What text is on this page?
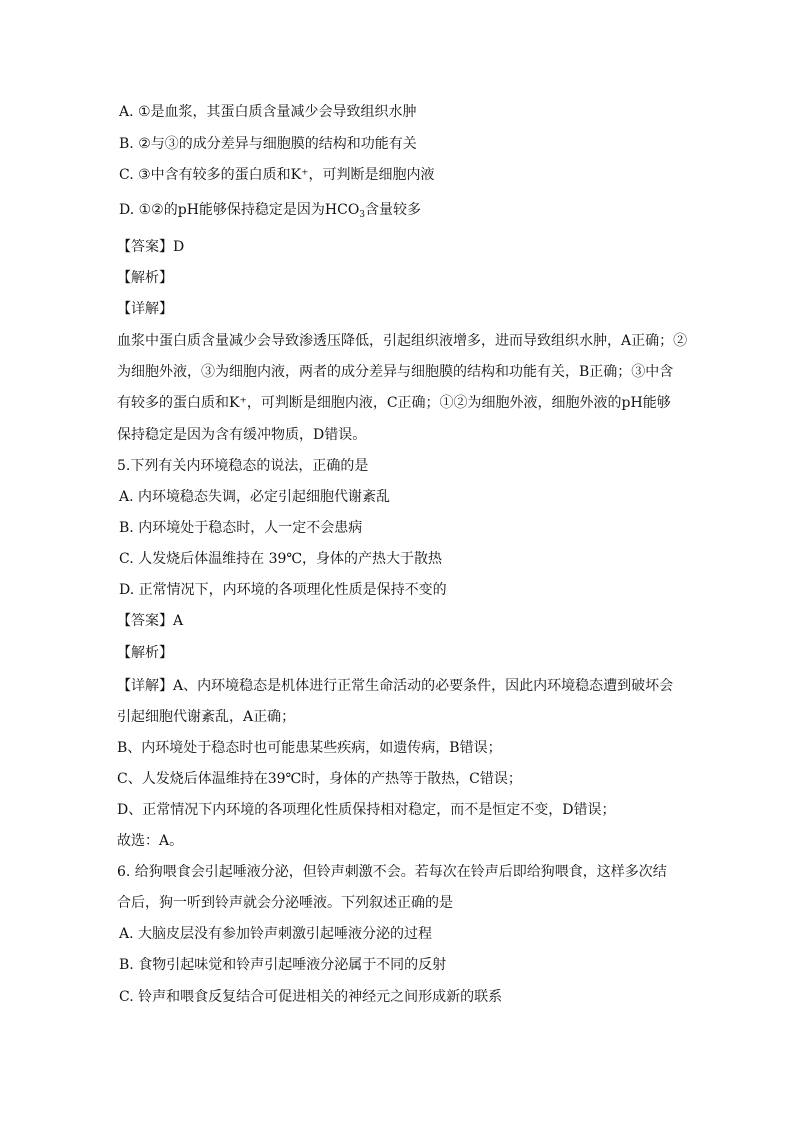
A. ①是血浆，其蛋白质含量减少会导致组织水肿
B. ②与③的成分差异与细胞膜的结构和功能有关
C. ③中含有较多的蛋白质和K⁺，可判断是细胞内液
D. ①②的pH能够保持稳定是因为$HCO_3$含量较多
【答案】D
【解析】
【详解】
血浆中蛋白质含量减少会导致渗透压降低，引起组织液增多，进而导致组织水肿，A正确；②
为细胞外液，③为细胞内液，两者的成分差异与细胞膜的结构和功能有关，B正确；③中含
有较多的蛋白质和K⁺，可判断是细胞内液，C正确；①②为细胞外液，细胞外液的pH能够
保持稳定是因为含有缓冲物质，D错误。
5.下列有关内环境稳态的说法，正确的是
A. 内环境稳态失调，必定引起细胞代谢紊乱
B. 内环境处于稳态时，人一定不会患病
C. 人发烧后体温维持在 39℃，身体的产热大于散热
D. 正常情况下，内环境的各项理化性质是保持不变的
【答案】A
【解析】
【详解】A、内环境稳态是机体进行正常生命活动的必要条件，因此内环境稳态遭到破坏会
引起细胞代谢紊乱，A正确；
B、内环境处于稳态时也可能患某些疾病，如遗传病，B错误；
C、人发烧后体温维持在39℃时，身体的产热等于散热，C错误；
D、正常情况下内环境的各项理化性质保持相对稳定，而不是恒定不变，D错误；
故选：A。
6. 给狗喂食会引起唾液分泌，但铃声刺激不会。若每次在铃声后即给狗喂食，这样多次结
合后，狗一听到铃声就会分泌唾液。下列叙述正确的是
A. 大脑皮层没有参加铃声刺激引起唾液分泌的过程
B. 食物引起味觉和铃声引起唾液分泌属于不同的反射
C. 铃声和喂食反复结合可促进相关的神经元之间形成新的联系
